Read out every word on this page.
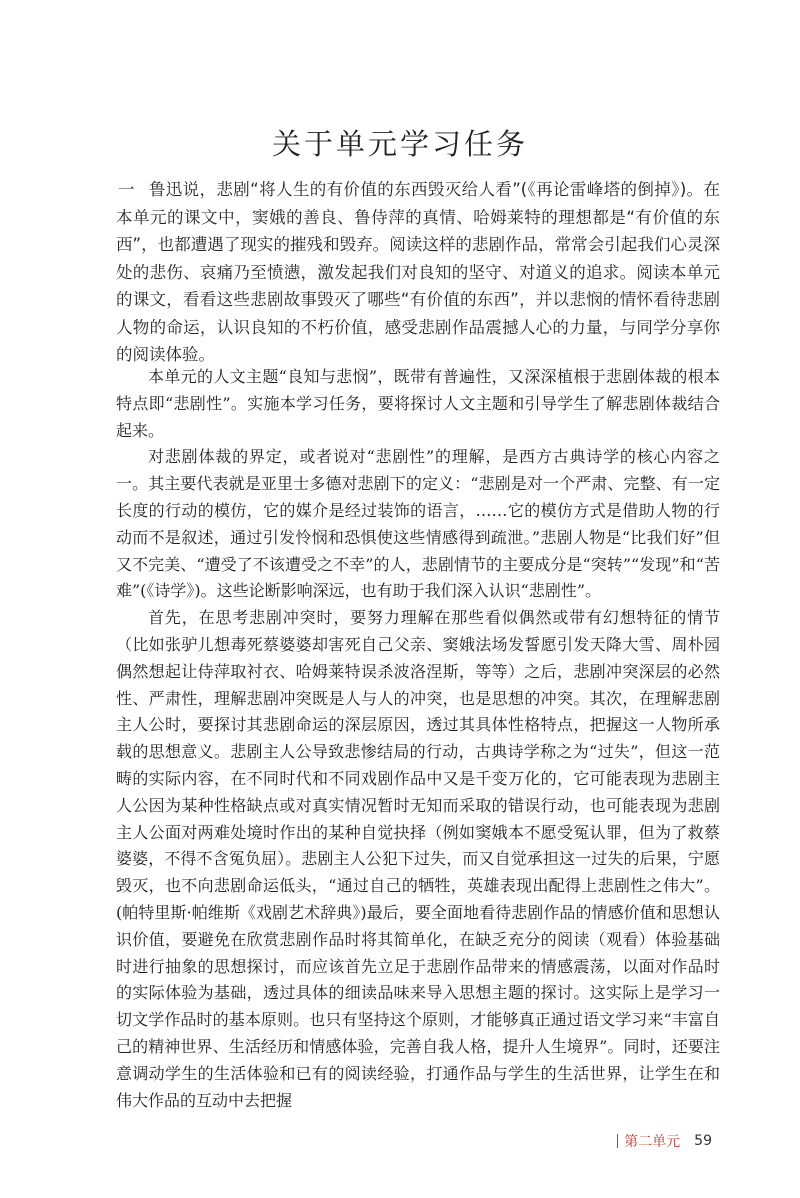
关于单元学习任务
一 鲁迅说，悲剧“将人生的有价值的东西毁灭给人看”(《再论雷峰塔的倒掉》)。在本单元的课文中，窦娥的善良、鲁侍萍的真情、哈姆莱特的理想都是“有价值的东西”，也都遭遇了现实的摧残和毁弃。阅读这样的悲剧作品，常常会引起我们心灵深处的悲伤、哀痛乃至愤懑，激发起我们对良知的坚守、对道义的追求。阅读本单元的课文，看看这些悲剧故事毁灭了哪些“有价值的东西”，并以悲悯的情怀看待悲剧人物的命运，认识良知的不朽价值，感受悲剧作品震撼人心的力量，与同学分享你的阅读体验。

本单元的人文主题“良知与悲悯”，既带有普遍性，又深深植根于悲剧体裁的根本特点即“悲剧性”。实施本学习任务，要将探讨人文主题和引导学生了解悲剧体裁结合起来。

对悲剧体裁的界定，或者说对“悲剧性”的理解，是西方古典诗学的核心内容之一。其主要代表就是亚里士多德对悲剧下的定义：“悲剧是对一个严肃、完整、有一定长度的行动的模仿，它的媒介是经过装饰的语言，……它的模仿方式是借助人物的行动而不是叙述，通过引发怜悯和恐惧使这些情感得到疏泄。”悲剧人物是“比我们好”但又不完美、“遭受了不该遭受之不幸”的人，悲剧情节的主要成分是“突转”“发现”和“苦难”(《诗学》)。这些论断影响深远，也有助于我们深入认识“悲剧性”。

首先，在思考悲剧冲突时，要努力理解在那些看似偶然或带有幻想特征的情节（比如张驴儿想毒死蔡婆婆却害死自己父亲、窦娥法场发誓愿引发天降大雪、周朴园偶然想起让侍萍取衬衣、哈姆莱特误杀波洛涅斯，等等）之后，悲剧冲突深层的必然性、严肃性，理解悲剧冲突既是人与人的冲突，也是思想的冲突。其次，在理解悲剧主人公时，要探讨其悲剧命运的深层原因，透过其具体性格特点，把握这一人物所承载的思想意义。悲剧主人公导致悲惨结局的行动，古典诗学称之为“过失”，但这一范畴的实际内容，在不同时代和不同戏剧作品中又是千变万化的，它可能表现为悲剧主人公因为某种性格缺点或对真实情况暂时无知而采取的错误行动，也可能表现为悲剧主人公面对两难处境时作出的某种自觉抉择（例如窦娥本不愿受冤认罪，但为了救蔡婆婆，不得不含冤负屈）。悲剧主人公犯下过失，而又自觉承担这一过失的后果，宁愿毁灭，也不向悲剧命运低头，“通过自己的牺牲，英雄表现出配得上悲剧性之伟大”。(帕特里斯·帕维斯《戏剧艺术辞典》)最后，要全面地看待悲剧作品的情感价值和思想认识价值，要避免在欣赏悲剧作品时将其简单化，在缺乏充分的阅读（观看）体验基础时进行抽象的思想探讨，而应该首先立足于悲剧作品带来的情感震荡，以面对作品时的实际体验为基础，透过具体的细读品味来导入思想主题的探讨。这实际上是学习一切文学作品时的基本原则。也只有坚持这个原则，才能够真正通过语文学习来“丰富自己的精神世界、生活经历和情感体验，完善自我人格，提升人生境界”。同时，还要注意调动学生的生活体验和已有的阅读经验，打通作品与学生的生活世界，让学生在和伟大作品的互动中去把握

第二单元 59
